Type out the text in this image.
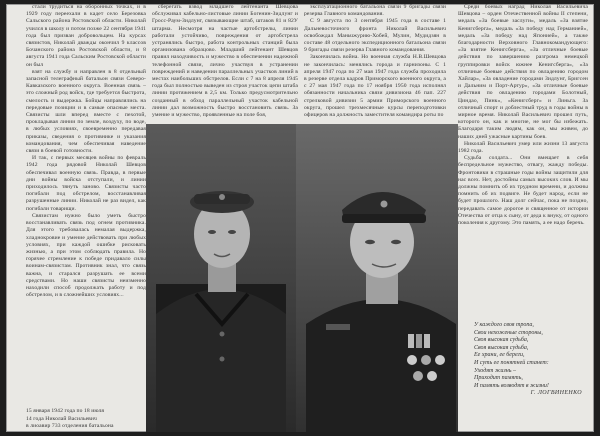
стали трудиться на оборонных точках, и в 1929 году переехали в кадет село Березовка Сальского района Ростовской области. Николай учился в школу и потом позже 22 сентября 1941 года был призван добровольцем. На курсах связистов, Николай дважды окончил 9 классов Бочанского района Ростовской области, и 8 августа 1941 года Сальским Ростовской области он был

взят на службу и направлен в 8 отдельный запасной телеграфный батальон связи Северо-Кавказского военного округа. Военная связь – это сложный род войск, где требуется быстрота, смелость и выдержка. Бойцы направлялись на передовые позиции и в самые опасные места. Связисты шли вперед вместе с пехотой, прокладывая линии по земле, воздуху, по воде, в любых условиях, своевременно передавая приказы, сведения о противнике и указания командования, чем обеспечивая наведение связи в боевой готовности.

И так, с первых месяцев войны по февраль 1942 года рядовой Николай Шевцов обеспечивал военную связь. Правда, в первые дни войны войска отступали, и линии приходилось тянуть заново. Связисты часто погибали под обстрелом, восстанавливая разрушенные линии. Николай не раз видел, как погибали товарищи.

Связистам нужно было уметь быстро восстанавливать связь под огнем противника. Для этого требовалась немалая выдержка, хладнокровие и умение действовать при любых условиях, при каждой ошибке рисковать жизнью, а при этом соблюдать правила. Но горячее стремление к победе придавало силы воинам-связистам. Противник знал, что связь важна, и старался разрушать ее всеми средствами. Но наши связисты неизменно находили способ продолжать работу и под обстрелом, и в сложнейших условиях...

15 января 1942 года по 18 июля
14 года Николай Васильевич
в лиоавир 733 отделения батальона

сберегать взвод младшего лейтенанта Шевцова обслуживал кабельно-листовые линии Богенин-Зидлунг и Гросс-Раум-Зидлунг, связывающие штаб, штаков 81 и 82У штарма. Несмотря на частые артобстрелы, линии работали устойчиво, повреждения от артобстрела устранялись быстро, работа контрольных станций была организована образцово. Младший лейтенант Шевцов правил находчивость и мужество в обеспечении надежной телефонной связи, лично участвуя в устранении повреждений и наведении параллельных участков линий в местах наибольших обстрелов. Если с 7 на 8 апреля 1945 года был полностью выведен из строя участок цепи штаба линии протяжением в 2,5 км. Только предусмотрительно созданный в обход параллельный участок кабельной линии дал возможность быстро восстановить связь. За умение и мужество, проявленные на поле боя,

эксплуатационного батальона связи 9 бригады связи резерва Главного командования.

С 9 августа по 3 сентября 1945 года в составе 1 Дальневосточного фронта Николай Васильевич освобождал Маньчжурию-Хобей, Мулин, Мудидзян в составе 48 отдельного экспедиционного батальона связи 9 бригады связи резерва Главного командования.

Закончилась война. Но военная служба Н.В.Шевцова не закончилась: менялись города и гарнизоны. С 1 апреля 1947 года по 27 мая 1947 года служба проходила в резерве отдела кадров Приморского военного округа, а с 27 мая 1947 года по 17 ноября 1950 года исполнял обязанности начальника связи дивизиона 46 пап. 227 стрелковой дивизии 5 армии Приморского военного округа, прошел трехмесячные курсы переподготовки офицеров на должность заместителя командира роты по

Среди боевых наград Николая Васильевича Шевцова – орден Отечественной войны II степени, медаль «За боевые заслуги», медаль «За взятие Кенигсберга», медаль «За победу над Германией», медаль «За победу над Японией», а также благодарности Верховного Главнокомандующего: «За взятие Кенигсберга», «За отличные боевые действия по завершению разгрома немецкой группировки войск южнее Кенигсберга», «За отличные боевые действия по овладению городом Хайлар», «За овладение городами Зидлунг, Бригсен и Дальним и Порт-Артур», «За отличные боевые действия по овладению городами Болотный, Циндао, Пинк», «Кенигсберг» и Линьга. За отличный спорт и доблестный труд в годы войны в мирное время. Николай Васильевич прошел путь, которого он, как и многие, не мог бы избежать. Благодаря таким людям, как он, мы живем, до наших дней ужасные картины боев.

Николай Васильевич умер или жизни 13 августа 1982 года.

Судьба солдата... Они вмещает в себя беспредельное мужество, отвагу, жажду победы. Фронтовики в страшные годы войны защитили для нас всех. Нет, достойны самых высоких слов. И мы должны помнить об их трудном времени, и должны помнить об их подвиге. Не будет народ, если не будет прошлого. Наш долг сейчас, пока не поздно, передавать самое дорогое и священное от истории Отечества от отца к сыну, от деда к внуку, от одного поколения к другому. Это память, а ее надо беречь.

У каждого своя тропа,
Свои нехоженые стороны,
Своя высокая судьба,
Своя высокая судьба,
Ее храни, ее береги,
И суть ее понятней станет:
Уходят жизнь –
Приходит память,
И память возводят в жизни!
Г. ЛОГВИНЕНКО
